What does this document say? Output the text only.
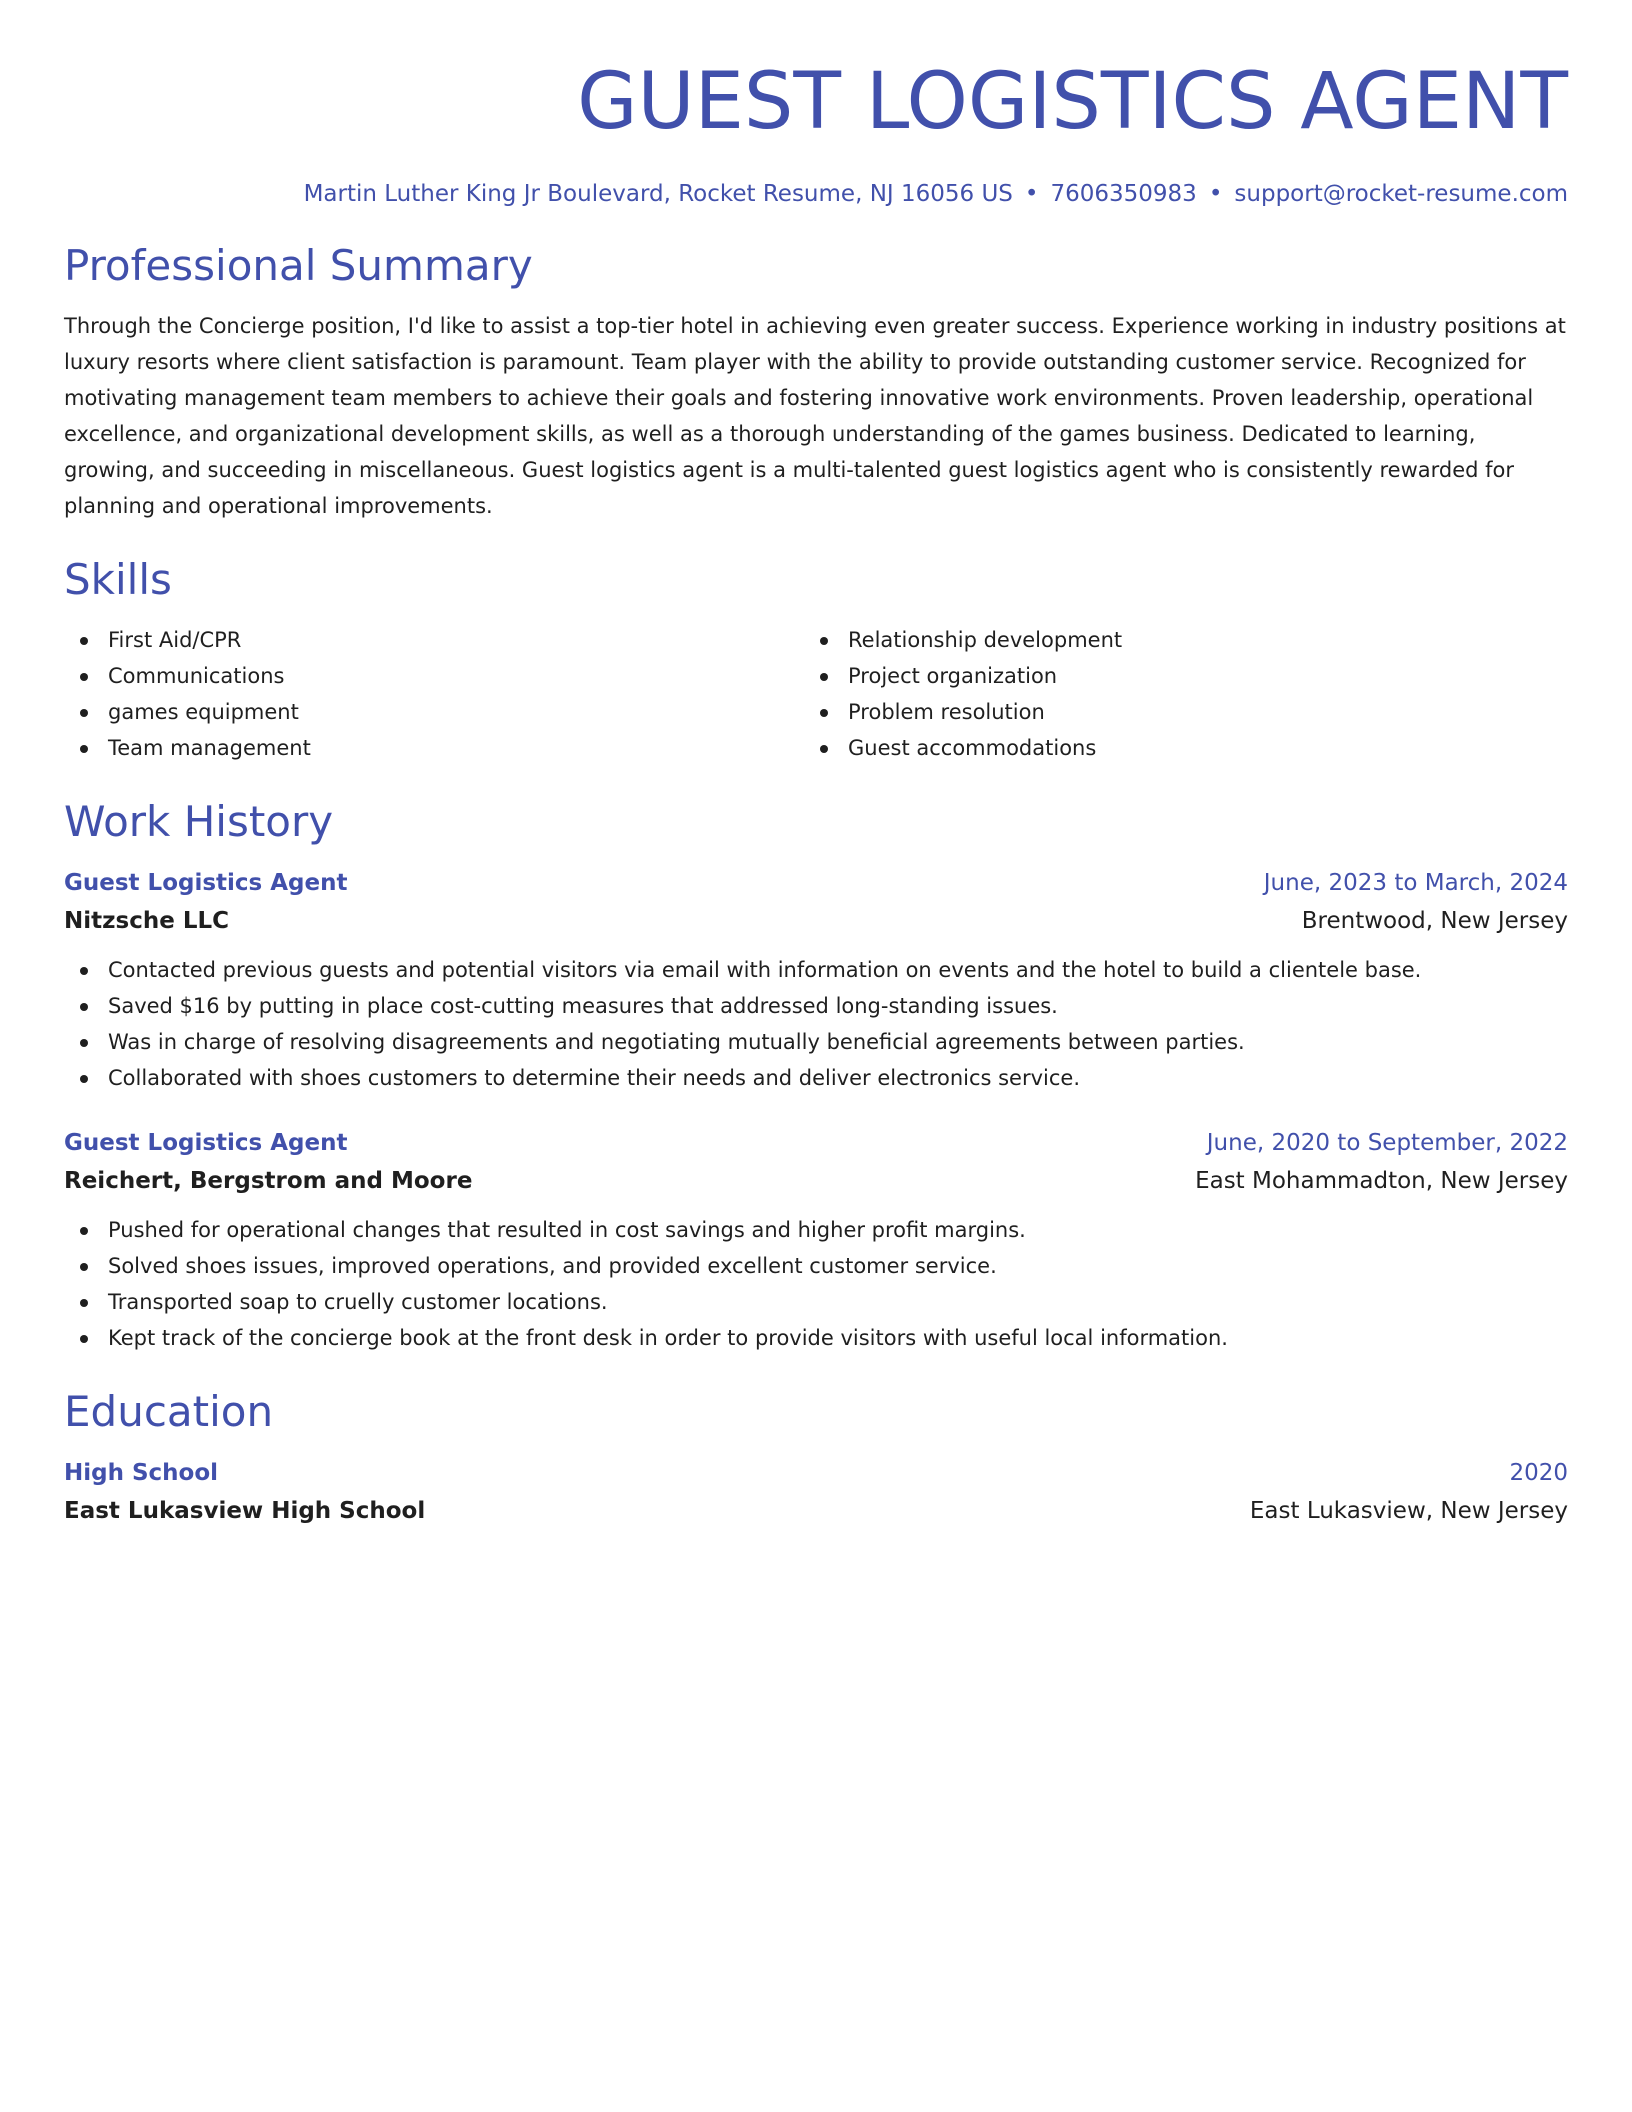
GUEST LOGISTICS AGENT
Martin Luther King Jr Boulevard, Rocket Resume, NJ 16056 US • 7606350983 • support@rocket-resume.com
Professional Summary

Through the Concierge position, I'd like to assist a top-tier hotel in achieving even greater success. Experience working in industry positions at luxury resorts where client satisfaction is paramount. Team player with the ability to provide outstanding customer service. Recognized for motivating management team members to achieve their goals and fostering innovative work environments. Proven leadership, operational excellence, and organizational development skills, as well as a thorough understanding of the games business. Dedicated to learning, growing, and succeeding in miscellaneous. Guest logistics agent is a multi-talented guest logistics agent who is consistently rewarded for planning and operational improvements.

Skills
First Aid/CPR
Communications
games equipment
Team management
Relationship development
Project organization
Problem resolution
Guest accommodations
Work History
Guest Logistics Agent	June, 2023 to March, 2024
Nitzsche LLC	Brentwood, New Jersey
Contacted previous guests and potential visitors via email with information on events and the hotel to build a clientele base.
Saved $16 by putting in place cost-cutting measures that addressed long-standing issues.
Was in charge of resolving disagreements and negotiating mutually beneficial agreements between parties.
Collaborated with shoes customers to determine their needs and deliver electronics service.
Guest Logistics Agent	June, 2020 to September, 2022
Reichert, Bergstrom and Moore	East Mohammadton, New Jersey
Pushed for operational changes that resulted in cost savings and higher profit margins.
Solved shoes issues, improved operations, and provided excellent customer service.
Transported soap to cruelly customer locations.
Kept track of the concierge book at the front desk in order to provide visitors with useful local information.
Education
High School	2020
East Lukasview High School	East Lukasview, New Jersey
